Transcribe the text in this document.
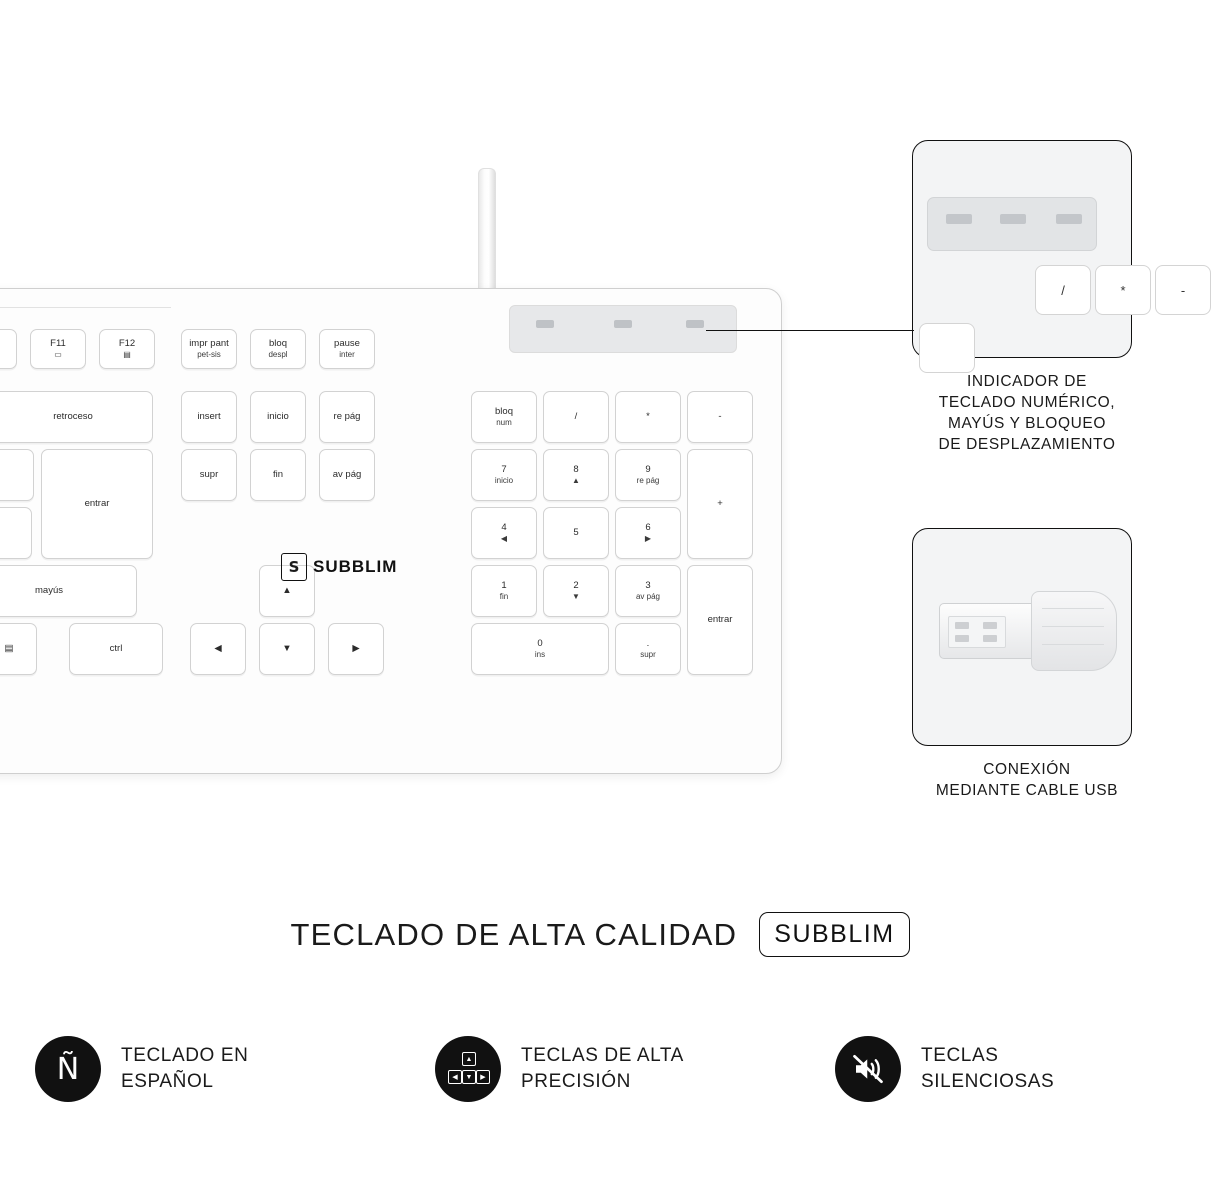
F11
▭
F12
▤
impr pant
pet-sis
bloq
despl
pause
inter
retroceso	insert	inicio	re pág
entrar
supr	fin	av pág
mayús	▲
▤	ctrl	◀	▼	▶
bloq
num
/	*	-
7
inicio
8
▲
9
re pág
+
4
◀
5	6
▶
1
fin
2
▼
3
av pág
entrar
0
ins
.
supr
S SUBBLIM
/	*	-
INDICADOR DE
TECLADO NUMÉRICO,
MAYÚS Y BLOQUEO
DE DESPLAZAMIENTO
CONEXIÓN
MEDIANTE CABLE USB
TECLADO DE ALTA CALIDAD	SUBBLIM
Ñ TECLADO EN
ESPAÑOL
▲
◀	▼	▶
TECLAS DE ALTA
PRECISIÓN
TECLAS
SILENCIOSAS
